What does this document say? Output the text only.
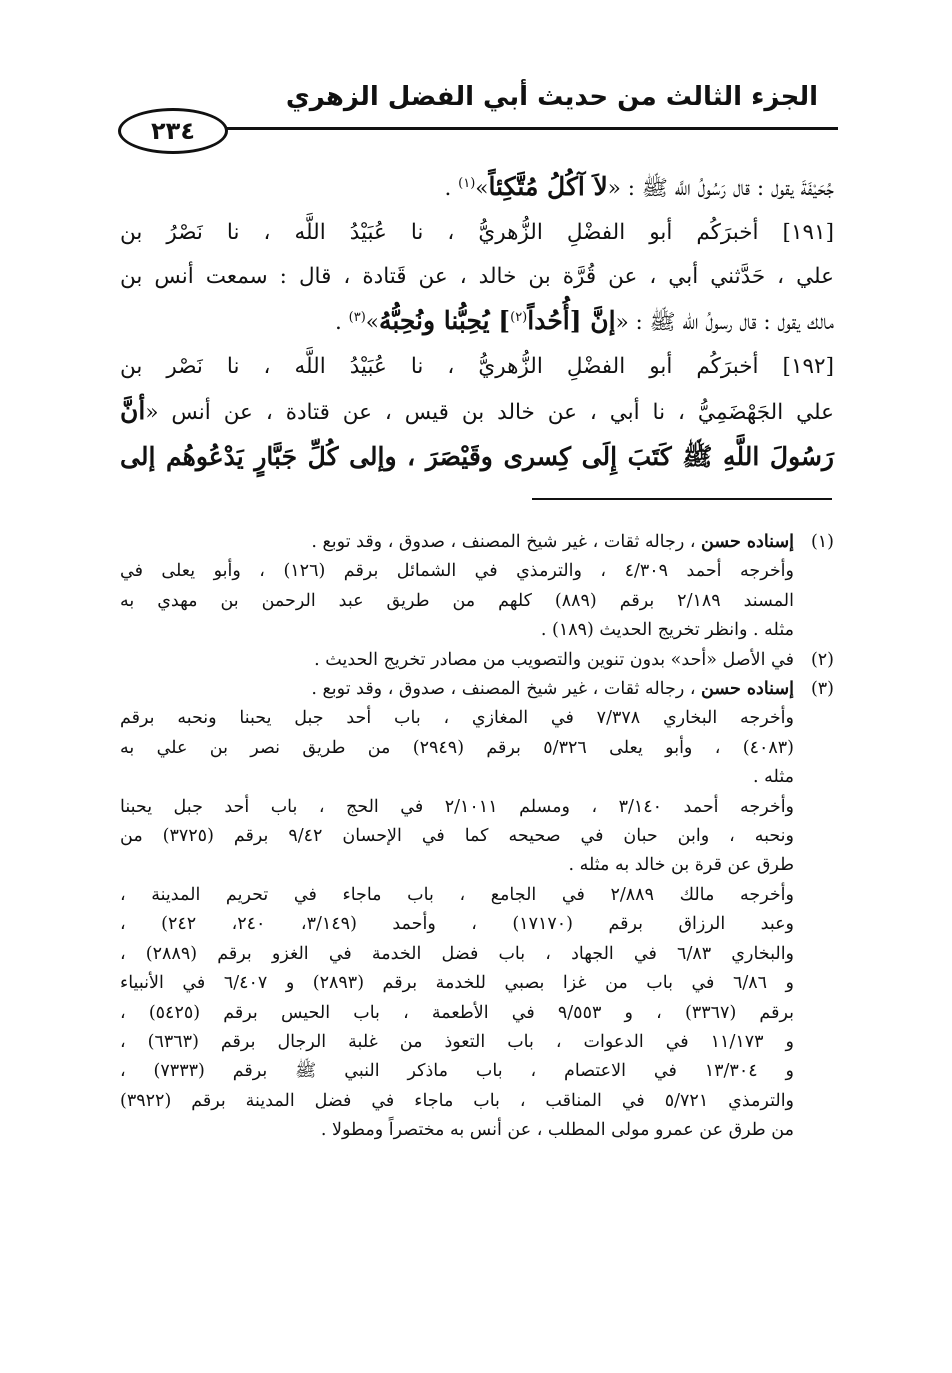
الجزء الثالث من حديث أبي الفضل الزهري
٢٣٤

جُحَيْفَةَ يقول : قال رَسُولُ اللَّه ﷺ : «لاَ آكُلُ مُتَّكِئاً»$^{(١)}$ .

[١٩١] أخبرَكُم أبو الفضْلِ الزُّهريُّ ، نا عُبَيْدُ اللَّه ، نا نَصْرُ بن

علي ، حَدَّثني أبي ، عن قُرَّة بن خالد ، عن قَتادة ، قال : سمعت أنس بن

مالك يقول : قال رسولُ الله ﷺ : «إنَّ [أُحُداً$^{(٢)}$] يُحِبُّنا ونُحِبُّهُ»$^{(٣)}$ .

[١٩٢] أخبرَكُم أبو الفضْلِ الزُّهريُّ ، نا عُبَيْدُ اللَّه ، نا نَصْر بن

علي الجَهْضَمِيُّ ، نا أبي ، عن خالد بن قيس ، عن قتادة ، عن أنس «أنَّ

رَسُولَ اللَّهِ ﷺ كَتَبَ إِلَى كِسرى وقَيْصَرَ ، وإلى كُلِّ جَبَّارٍ يَدْعُوهُم إلى

(١)
إسناده حسن ، رجاله ثقات ، غير شيخ المصنف ، صدوق ، وقد توبع .
وأخرجه أحمد ٤/٣٠٩ ، والترمذي في الشمائل برقم (١٢٦) ، وأبو يعلى في
المسند ٢/١٨٩ برقم (٨٨٩) كلهم من طريق عبد الرحمن بن مهدي به
مثله . وانظر تخريج الحديث (١٨٩) .
(٢)
في الأصل «أحد» بدون تنوين والتصويب من مصادر تخريج الحديث .
(٣)
إسناده حسن ، رجاله ثقات ، غير شيخ المصنف ، صدوق ، وقد توبع .
وأخرجه البخاري ٧/٣٧٨ في المغازي ، باب أحد جبل يحبنا ونحبه برقم
(٤٠٨٣) ، وأبو يعلى ٥/٣٢٦ برقم (٢٩٤٩) من طريق نصر بن علي به
مثله .
وأخرجه أحمد ٣/١٤٠ ، ومسلم ٢/١٠١١ في الحج ، باب أحد جبل يحبنا
ونحبه ، وابن حبان في صحيحه كما في الإحسان ٩/٤٢ برقم (٣٧٢٥) من
طرق عن قرة بن خالد به مثله .
وأخرجه مالك ٢/٨٨٩ في الجامع ، باب ماجاء في تحريم المدينة ،
وعبد الرزاق برقم (١٧١٧٠) ، وأحمد (٣/١٤٩، ٢٤٠، ٢٤٢) ،
والبخاري ٦/٨٣ في الجهاد ، باب فضل الخدمة في الغزو برقم (٢٨٨٩) ،
و ٦/٨٦ في باب من غزا بصبي للخدمة برقم (٢٨٩٣) و ٦/٤٠٧ في الأنبياء
برقم (٣٣٦٧) ، و ٩/٥٥٣ في الأطعمة ، باب الحيس برقم (٥٤٢٥) ،
و ١١/١٧٣ في الدعوات ، باب التعوذ من غلبة الرجال برقم (٦٣٦٣) ،
و ١٣/٣٠٤ في الاعتصام ، باب ماذكر النبي ﷺ برقم (٧٣٣٣) ،
والترمذي ٥/٧٢١ في المناقب ، باب ماجاء في فضل المدينة برقم (٣٩٢٢)
من طرق عن عمرو مولى المطلب ، عن أنس به مختصراً ومطولا .
